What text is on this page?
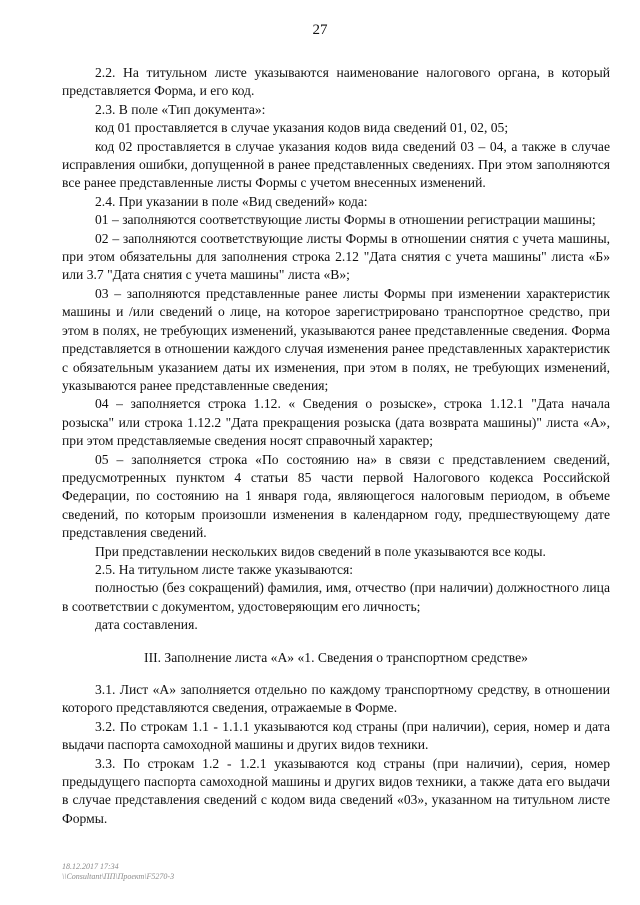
27

2.2. На титульном листе указываются наименование налогового органа, в который представляется Форма, и его код.

2.3. В поле «Тип документа»:

код 01 проставляется в случае указания кодов вида сведений 01, 02, 05;

код 02 проставляется в случае указания кодов вида сведений 03 – 04, а также в случае исправления ошибки, допущенной в ранее представленных сведениях. При этом заполняются все ранее представленные листы Формы с учетом внесенных изменений.

2.4. При указании в поле «Вид сведений» кода:

01 – заполняются соответствующие листы Формы в отношении регистрации машины;

02 – заполняются соответствующие листы Формы в отношении снятия с учета машины, при этом обязательны для заполнения строка 2.12 "Дата снятия с учета машины" листа «Б» или 3.7 "Дата снятия с учета машины" листа «В»;

03 – заполняются представленные ранее листы Формы при изменении характеристик машины и /или сведений о лице, на которое зарегистрировано транспортное средство, при этом в полях, не требующих изменений, указываются ранее представленные сведения. Форма представляется в отношении каждого случая изменения ранее представленных характеристик с обязательным указанием даты их изменения, при этом в полях, не требующих изменений, указываются ранее представленные сведения;

04 – заполняется строка 1.12. « Сведения о розыске», строка 1.12.1 "Дата начала розыска" или строка 1.12.2 "Дата прекращения розыска (дата возврата машины)" листа «А», при этом представляемые сведения носят справочный характер;

05 – заполняется строка «По состоянию на» в связи с представлением сведений, предусмотренных пунктом 4 статьи 85 части первой Налогового кодекса Российской Федерации, по состоянию на 1 января года, являющегося налоговым периодом, в объеме сведений, по которым произошли изменения в календарном году, предшествующему дате представления сведений.

При представлении нескольких видов сведений в поле указываются все коды.

2.5. На титульном листе также указываются:

полностью (без сокращений) фамилия, имя, отчество (при наличии) должностного лица в соответствии с документом, удостоверяющим его личность;

дата составления.

III. Заполнение листа «А» «1. Сведения о транспортном средстве»

3.1. Лист «А» заполняется отдельно по каждому транспортному средству, в отношении которого представляются сведения, отражаемые в Форме.

3.2. По строкам 1.1 - 1.1.1 указываются код страны (при наличии), серия, номер и дата выдачи паспорта самоходной машины и других видов техники.

3.3. По строкам 1.2 - 1.2.1 указываются код страны (при наличии), серия, номер предыдущего паспорта самоходной машины и других видов техники, а также дата его выдачи в случае представления сведений с кодом вида сведений «03», указанном на титульном листе Формы.

18.12.2017 17:34
\\Consultant\ПП\Проект\F5270-3
